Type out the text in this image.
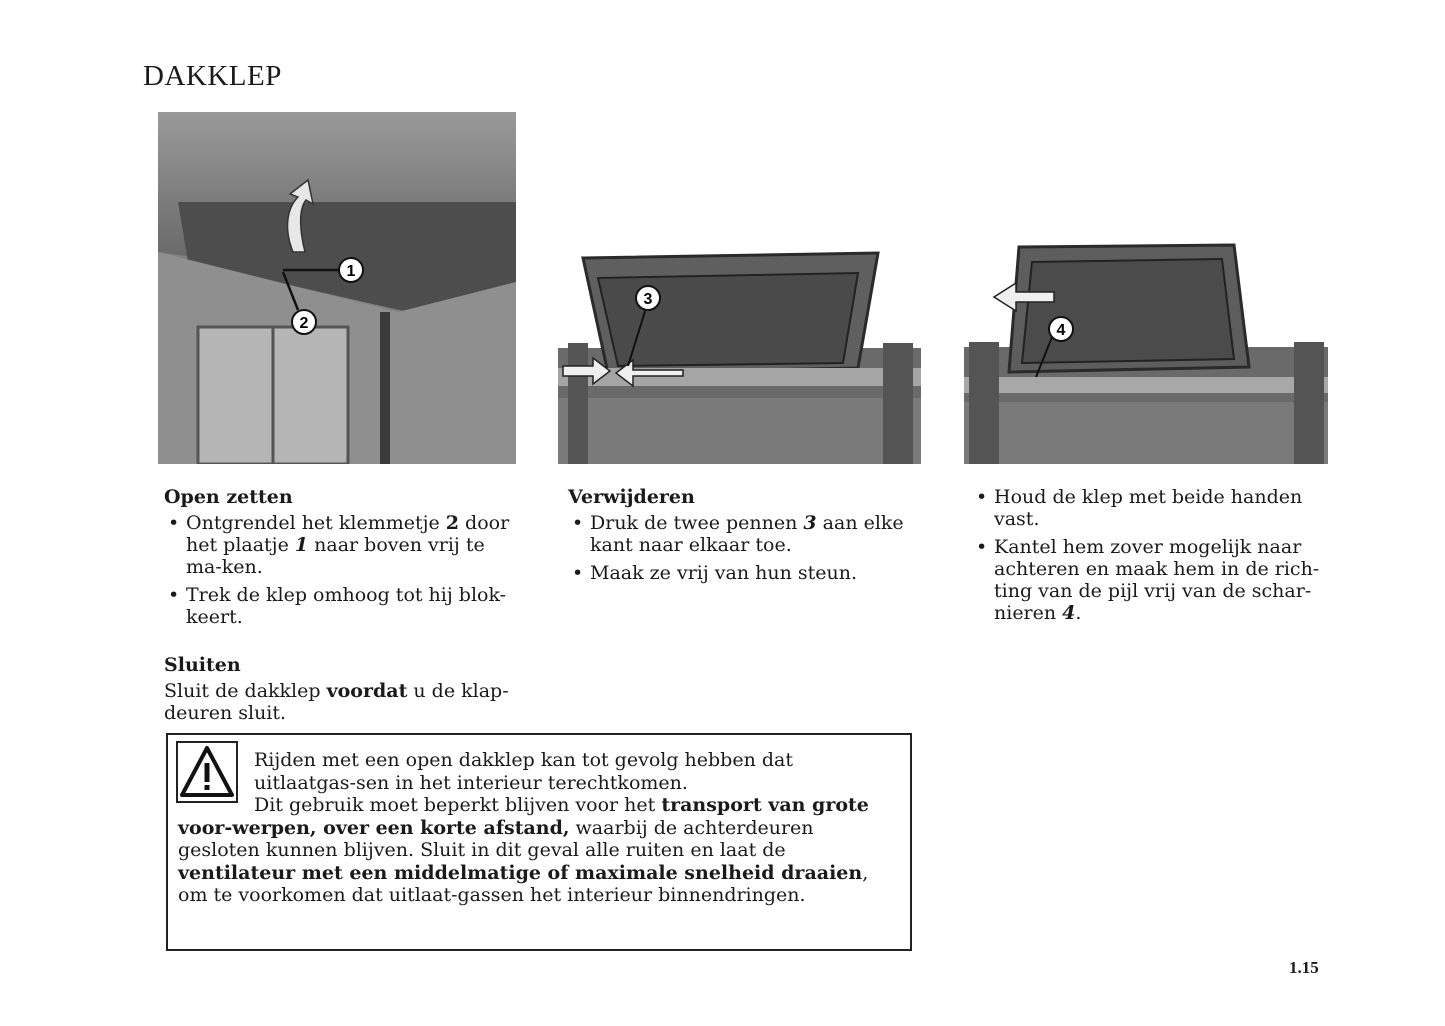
DAKKLEP
1
2
3
4
Open zetten
• Ontgrendel het klemmetje 2 door het plaatje 1 naar boven vrij te ma-ken.
• Trek de klep omhoog tot hij blok-keert.
Sluiten
Sluit de dakklep voordat u de klap-deuren sluit.
Verwijderen
• Druk de twee pennen 3 aan elke kant naar elkaar toe.
• Maak ze vrij van hun steun.
• Houd de klep met beide handen vast.
• Kantel hem zover mogelijk naar achteren en maak hem in de rich-ting van de pijl vrij van de schar-nieren 4.
Rijden met een open dakklep kan tot gevolg hebben dat uitlaatgas-sen in het interieur terechtkomen.
Dit gebruik moet beperkt blijven voor het transport van grote voor-werpen, over een korte afstand, waarbij de achterdeuren gesloten kunnen blijven. Sluit in dit geval alle ruiten en laat de ventilateur met een middelmatige of maximale snelheid draaien, om te voorkomen dat uitlaat-gassen het interieur binnendringen.
1.15
